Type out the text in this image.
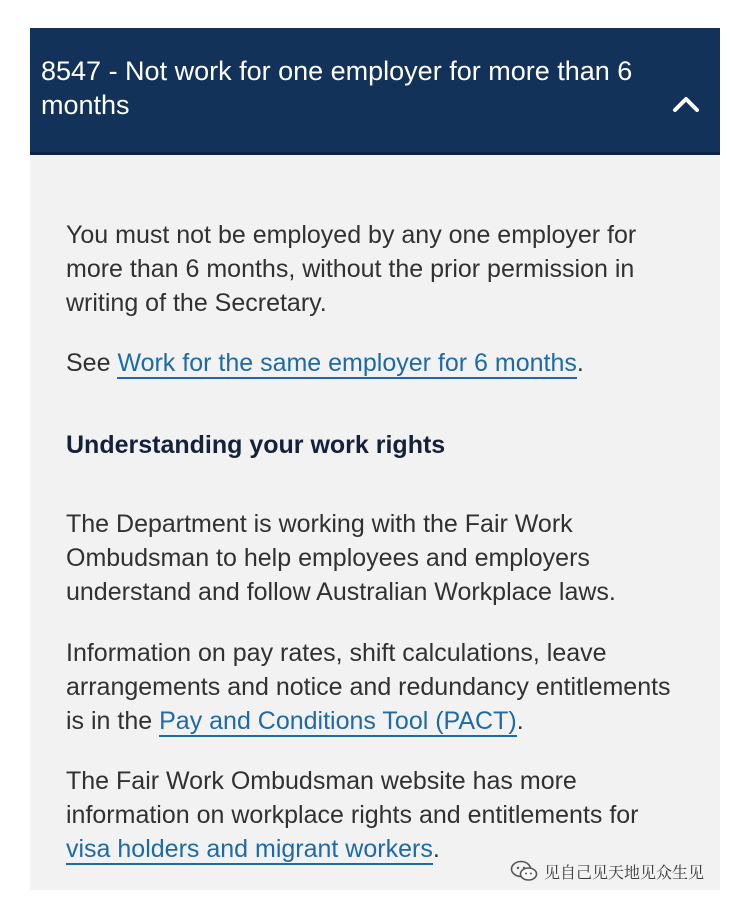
8547 - Not work for one employer for more than 6 months

You must not be employed by any one employer for more than 6 months, without the prior permission in writing of the Secretary.

See Work for the same employer for 6 months.

Understanding your work rights

The Department is working with the Fair Work Ombudsman to help employees and employers understand and follow Australian Workplace laws.

Information on pay rates, shift calculations, leave arrangements and notice and redundancy entitlements is in the Pay and Conditions Tool (PACT).

The Fair Work Ombudsman website has more information on workplace rights and entitlements for visa holders and migrant workers.

见自己见天地见众生见
